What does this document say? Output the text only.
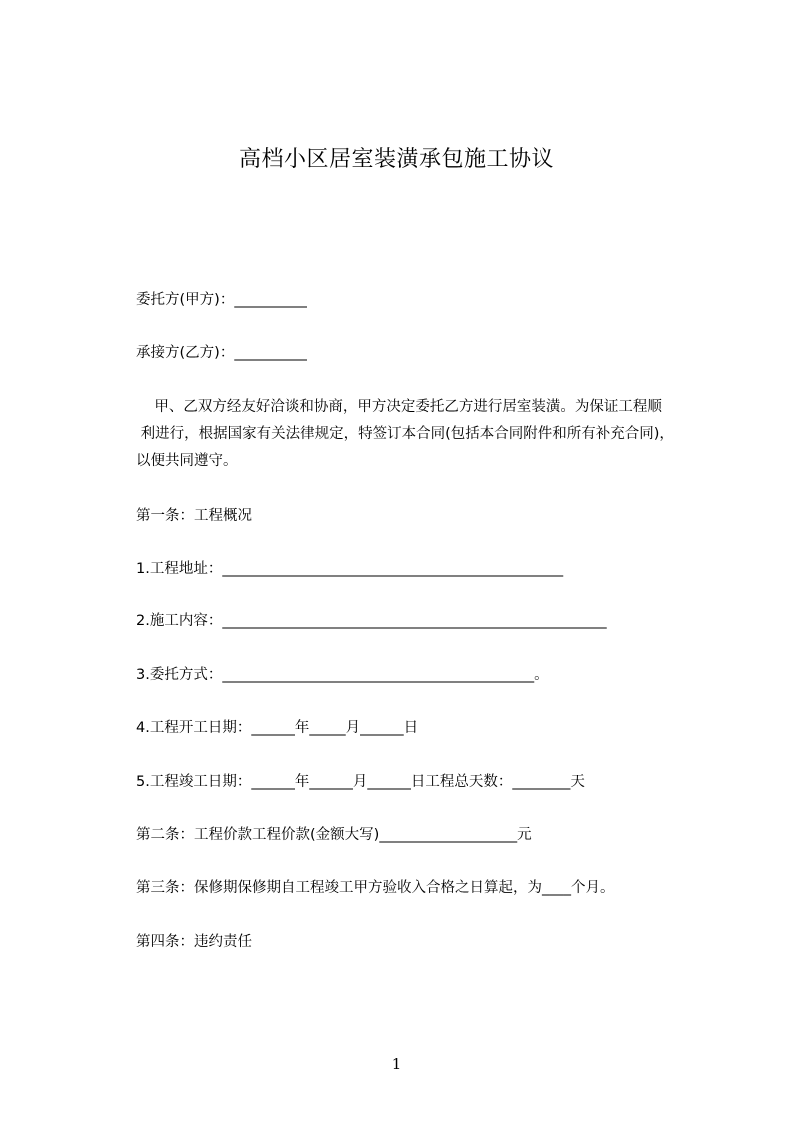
高档小区居室装潢承包施工协议
委托方(甲方)：__________
承接方(乙方)：__________
甲、乙双方经友好洽谈和协商，甲方决定委托乙方进行居室装潢。为保证工程顺
利进行，根据国家有关法律规定，特签订本合同(包括本合同附件和所有补充合同)，
以便共同遵守。
第一条：工程概况
1.工程地址：_______________________________________________
2.施工内容：_____________________________________________________
3.委托方式：___________________________________________。
4.工程开工日期：______年_____月______日
5.工程竣工日期：______年______月______日工程总天数：________天
第二条：工程价款工程价款(金额大写)___________________元
第三条：保修期保修期自工程竣工甲方验收入合格之日算起，为____个月。
第四条：违约责任
1
